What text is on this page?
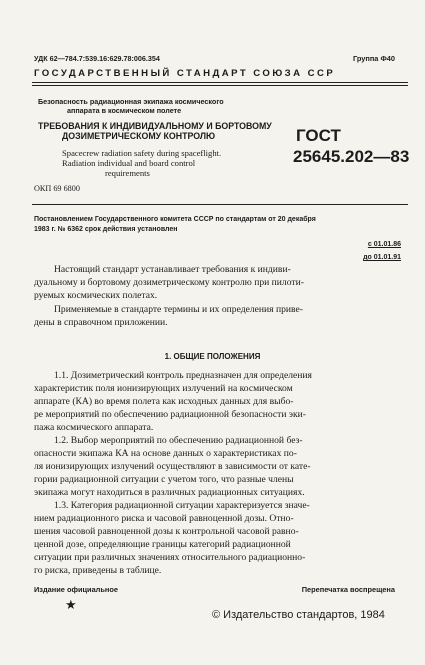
УДК 62—784.7:539.16:629.78:006.354	Группа Ф40
ГОСУДАРСТВЕННЫЙ СТАНДАРТ СОЮЗА ССР
Безопасность радиационная экипажа космического
аппарата в космическом полете
ТРЕБОВАНИЯ К ИНДИВИДУАЛЬНОМУ И БОРТОВОМУ
ДОЗИМЕТРИЧЕСКОМУ КОНТРОЛЮ
Spacecrew radiation safety during spaceflight.
Radiation individual and board control
requirements
ГОСТ
25645.202—83
ОКП 69 6800
Постановлением Государственного комитета СССР по стандартам от 20 декабря
1983 г. № 6362 срок действия установлен
с 01.01.86
до 01.01.91
Настоящий стандарт устанавливает требования к индиви-
дуальному и бортовому дозиметрическому контролю при пилоти-
руемых космических полетах.
Применяемые в стандарте термины и их определения приве-
дены в справочном приложении.
1. ОБЩИЕ ПОЛОЖЕНИЯ
1.1. Дозиметрический контроль предназначен для определения
характеристик поля ионизирующих излучений на космическом
аппарате (КА) во время полета как исходных данных для выбо-
ре мероприятий по обеспечению радиационной безопасности эки-
пажа космического аппарата.
1.2. Выбор мероприятий по обеспечению радиационной без-
опасности экипажа КА на основе данных о характеристиках по-
ля ионизирующих излучений осуществляют в зависимости от кате-
гории радиационной ситуации с учетом того, что разные члены
экипажа могут находиться в различных радиационных ситуациях.
1.3. Категория радиационной ситуации характеризуется значе-
нием радиационного риска и часовой равноценной дозы. Отно-
шения часовой равноценной дозы к контрольной часовой равно-
ценной дозе, определяющие границы категорий радиационной
ситуации при различных значениях относительного радиационно-
го риска, приведены в таблице.
Издание официальное
★
Перепечатка воспрещена
© Издательство стандартов, 1984
